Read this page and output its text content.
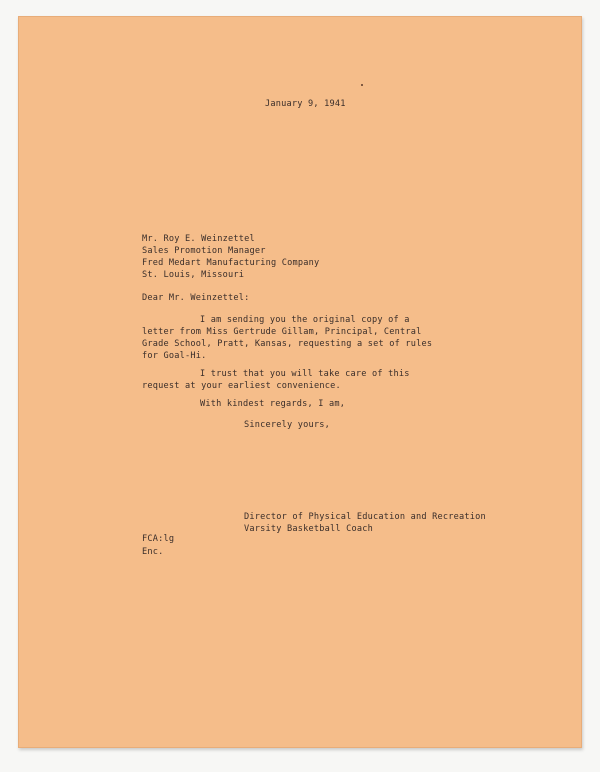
January 9, 1941
Mr. Roy E. Weinzettel
Sales Promotion Manager
Fred Medart Manufacturing Company
St. Louis, Missouri
Dear Mr. Weinzettel:
I am sending you the original copy of a
letter from Miss Gertrude Gillam, Principal, Central
Grade School, Pratt, Kansas, requesting a set of rules
for Goal-Hi.
I trust that you will take care of this
request at your earliest convenience.
With kindest regards, I am,
Sincerely yours,
Director of Physical Education and Recreation
Varsity Basketball Coach
FCA:lg
Enc.
